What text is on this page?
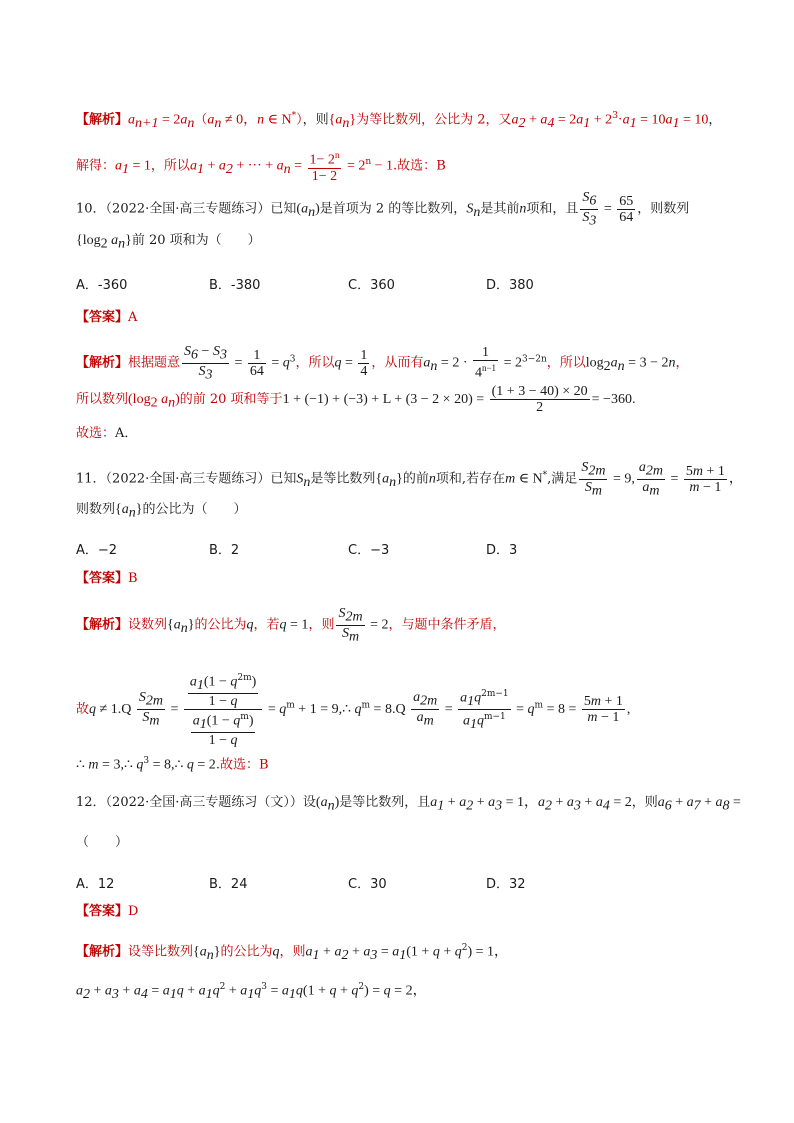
【解析】$a_{n+1} = 2a_n(a_n \ne 0$，n ∈ N*），则$\{a_n\}$为等比数列，公比为 2，又$a_2 + a_4 = 2a_1 + 2^3\cdot a_1 = 10a_1 = 10$，
解得：$a_1 = 1$，所以$a_1 + a_2$ + ··· + $a_n = \frac{1- 2^n}{1- 2} = 2^n - 1$.故选：B
10．（2022·全国·高三专题练习）已知$(a_n)$是首项为 2 的等比数列，$S_n$是其前n项和，且 $\frac{S_6}{S_3} = \frac{65}{64}$ ，则数列
{$\log_2$ $a_n$}前 20 项和为（　　）
A．-360	B．-380	C．360	D．380
【答案】A
【解析】根据题意 $\frac{S_6 - S_3}{S_3} = \frac{1}{64} = q^3$，所以$q = \frac{1}{4}$ ，从而有$a_n = 2 \cdot \frac{1}{4^{n-1}} = 2^{3-2n}$，所以$\log_2a_n = 3 - 2n$，
所以数列($\log_2$ $a_n$)的前 20 项和等于$1 + (-1) + (-3) + L + (3 - 2 \times 20) = \frac{(1 + 3 - 40) \times 20}{2} = -360$.
故选：A．
11．（2022·全国·高三专题练习）已知$S_n$是等比数列$\{a_n\}$的前n项和,若存在m ∈ N*,满足 $\frac{S_{2m}}{S_m} = 9$, $\frac{a_{2m}}{a_m} = \frac{5m + 1}{m - 1}$ ，
则数列$\{a_n\}$的公比为（　　）
A．−2	B．2	C．−3	D．3
【答案】B
【解析】设数列$\{a_n\}$的公比为q，若q = 1，则 $\frac{S_{2m}}{S_m} = 2$，与题中条件矛盾，
故$q \ne 1.Q \frac{S_{2m}}{S_m} = \frac{\frac{a_1(1 - q^{2m})}{1 - q}}{\frac{a_1(1 - q^m)}{1 - q}} = q^m + 1$ = 9,∴ $q^m = 8.Q \frac{a_{2m}}{a_m} = \frac{a_1q^{2m-1}}{a_1q^{m-1}} = q^m = 8 = \frac{5m + 1}{m - 1}$ ,
∴ m = 3,∴ $q^3$ = 8,∴ q = 2.故选：B
12．（2022·全国·高三专题练习（文））设$(a_n)$是等比数列，且$a_1 + a_2 + a_3 = 1$，$a_2 + a_3 + a_4 = 2$，则$a_6 + a_7 + a_8$ =
（　　）
A．12	B．24	C．30	D．32
【答案】D
【解析】设等比数列$\{a_n\}$的公比为q，则$a_1 + a_2 + a_3 = a_1(1 + q + q^2) = 1$，
$a_2 + a_3 + a_4 = a_1q + a_1q^2 + a_1q^3 = a_1q(1 + q + q^2) = q = 2$，
